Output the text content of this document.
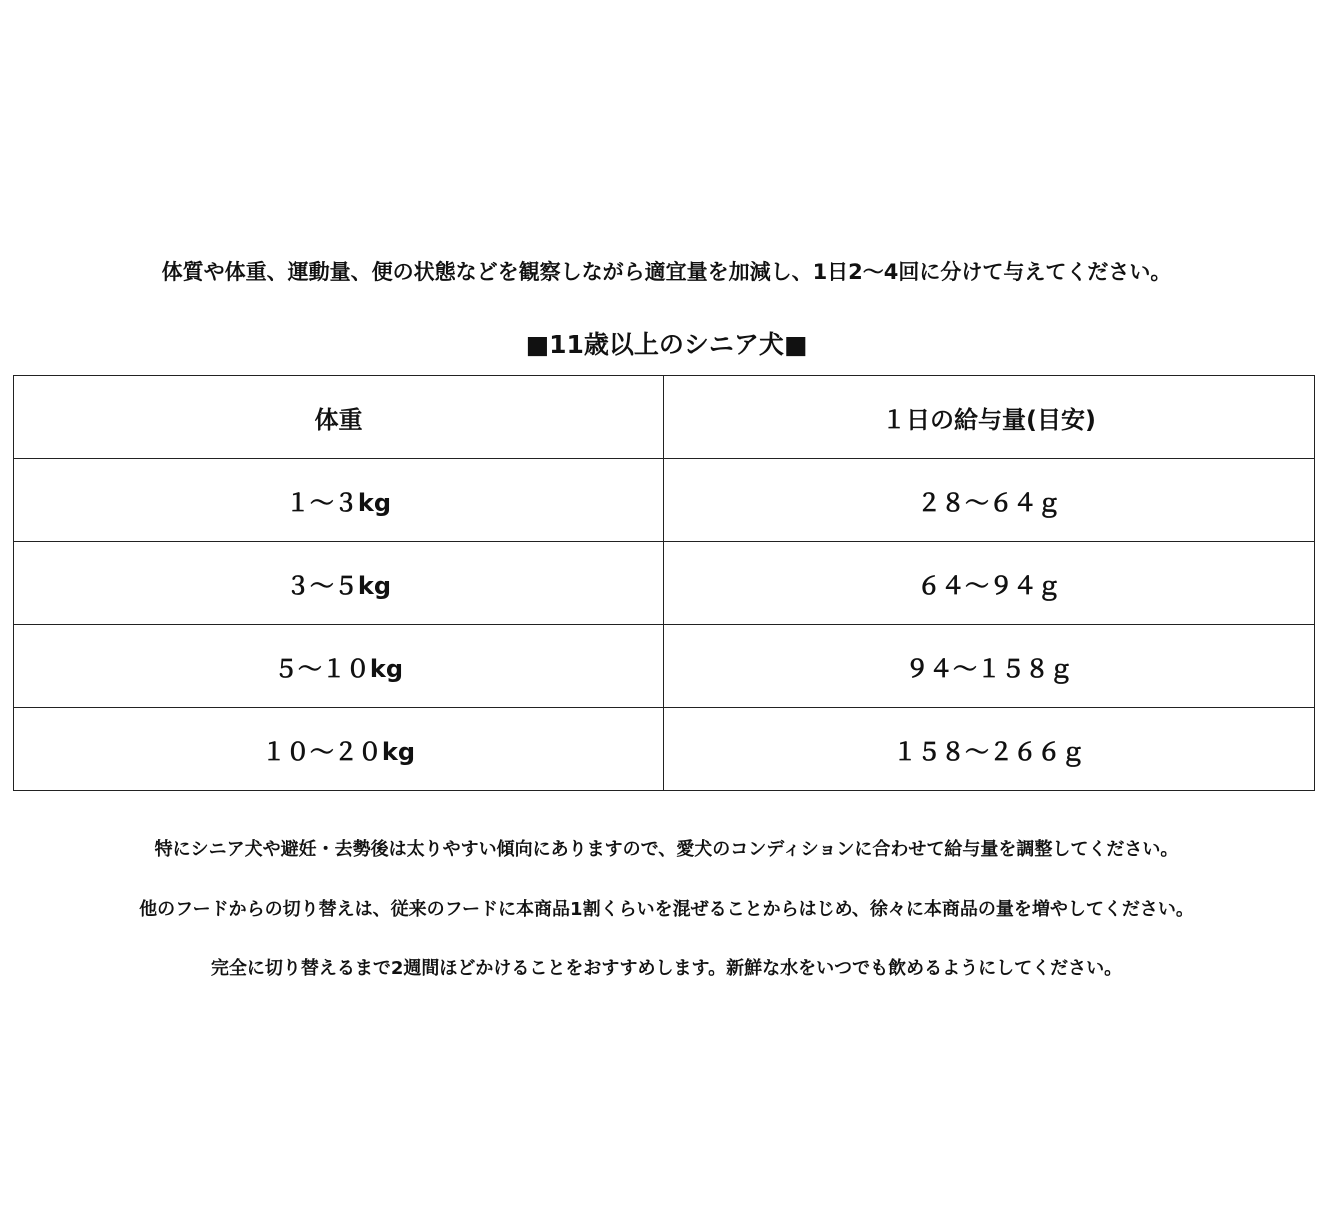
体質や体重、運動量、便の状態などを観察しながら適宜量を加減し、1日2～4回に分けて与えてください。
■11歳以上のシニア犬■
体重	１日の給与量(目安)
１～３kg	２８～６４ｇ
３～５kg	６４～９４ｇ
５～１０kg	９４～１５８ｇ
１０～２０kg	１５８～２６６ｇ
特にシニア犬や避妊・去勢後は太りやすい傾向にありますので、愛犬のコンディションに合わせて給与量を調整してください。
他のフードからの切り替えは、従来のフードに本商品1割くらいを混ぜることからはじめ、徐々に本商品の量を増やしてください。
完全に切り替えるまで2週間ほどかけることをおすすめします。新鮮な水をいつでも飲めるようにしてください。
